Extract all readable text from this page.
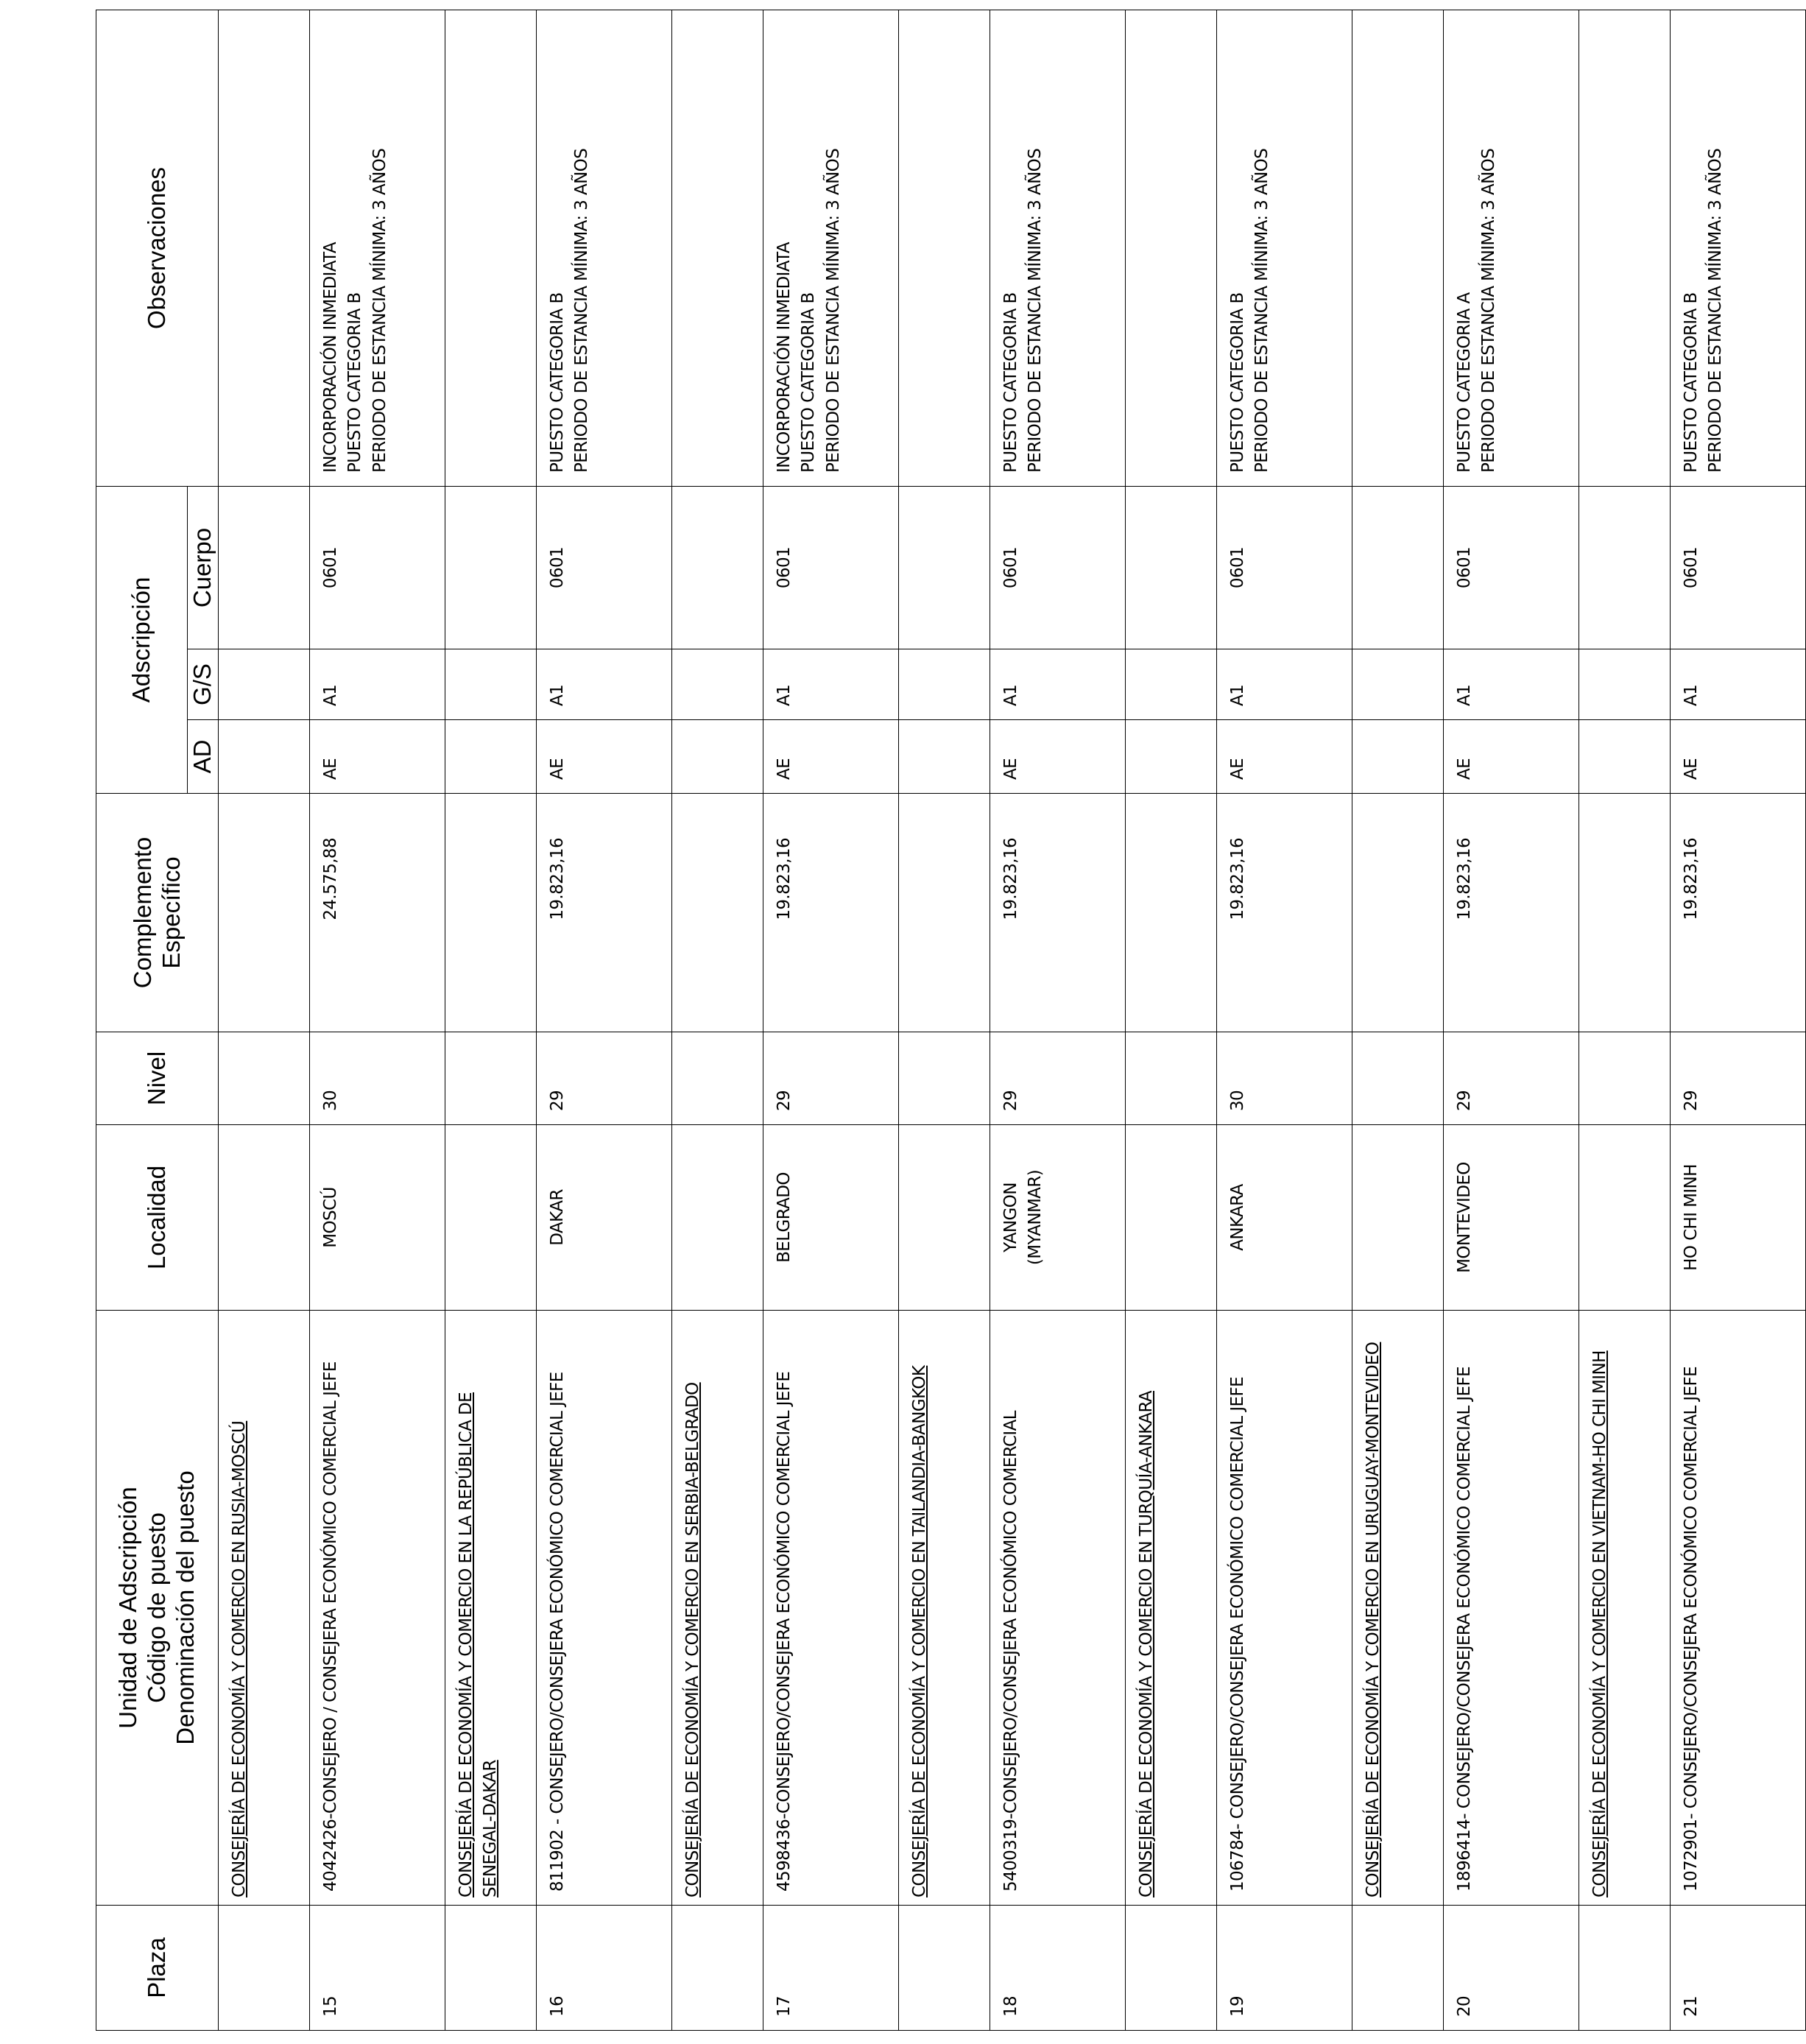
Plaza	Unidad de Adscripción Código de puesto Denominación del puesto	Localidad	Nivel	Complemento Específico	Adscripción			Observaciones
					AD	G/S	Cuerpo	
	CONSEJERÍA DE ECONOMÍA Y COMERCIO EN RUSIA-MOSCÚ							
15	4042426-CONSEJERO / CONSEJERA ECONÓMICO COMERCIAL JEFE	MOSCÚ	30	24.575,88	AE	A1	0601	INCORPORACIÓN INMEDIATA PUESTO CATEGORIA B PERIODO DE ESTANCIA MÍNIMA: 3 AÑOS

	CONSEJERÍA DE ECONOMÍA Y COMERCIO EN LA REPÚBLICA DE SENEGAL-DAKAR							
16	811902 - CONSEJERO/CONSEJERA ECONÓMICO COMERCIAL JEFE	DAKAR	29	19.823,16	AE	A1	0601	PUESTO CATEGORIA B PERIODO DE ESTANCIA MÍNIMA: 3 AÑOS

	CONSEJERÍA DE ECONOMÍA Y COMERCIO EN SERBIA-BELGRADO							
17	4598436-CONSEJERO/CONSEJERA ECONÓMICO COMERCIAL JEFE	BELGRADO	29	19.823,16	AE	A1	0601	INCORPORACIÓN INMEDIATA PUESTO CATEGORIA B PERIODO DE ESTANCIA MÍNIMA: 3 AÑOS

	CONSEJERÍA DE ECONOMÍA Y COMERCIO EN TAILANDIA-BANGKOK							
18	5400319-CONSEJERO/CONSEJERA ECONÓMICO COMERCIAL	YANGON (MYANMAR)	29	19.823,16	AE	A1	0601	PUESTO CATEGORIA B PERIODO DE ESTANCIA MÍNIMA: 3 AÑOS

	CONSEJERÍA DE ECONOMÍA Y COMERCIO EN TURQUÍA-ANKARA							
19	106784- CONSEJERO/CONSEJERA ECONÓMICO COMERCIAL JEFE	ANKARA	30	19.823,16	AE	A1	0601	PUESTO CATEGORIA B PERIODO DE ESTANCIA MÍNIMA: 3 AÑOS

	CONSEJERÍA DE ECONOMÍA Y COMERCIO EN URUGUAY-MONTEVIDEO							
20	1896414- CONSEJERO/CONSEJERA ECONÓMICO COMERCIAL JEFE	MONTEVIDEO	29	19.823,16	AE	A1	0601	PUESTO CATEGORIA A PERIODO DE ESTANCIA MÍNIMA: 3 AÑOS

	CONSEJERÍA DE ECONOMÍA Y COMERCIO EN VIETNAM-HO CHI MINH							
21	1072901- CONSEJERO/CONSEJERA ECONÓMICO COMERCIAL JEFE	HO CHI MINH	29	19.823,16	AE	A1	0601	PUESTO CATEGORIA B PERIODO DE ESTANCIA MÍNIMA: 3 AÑOS
